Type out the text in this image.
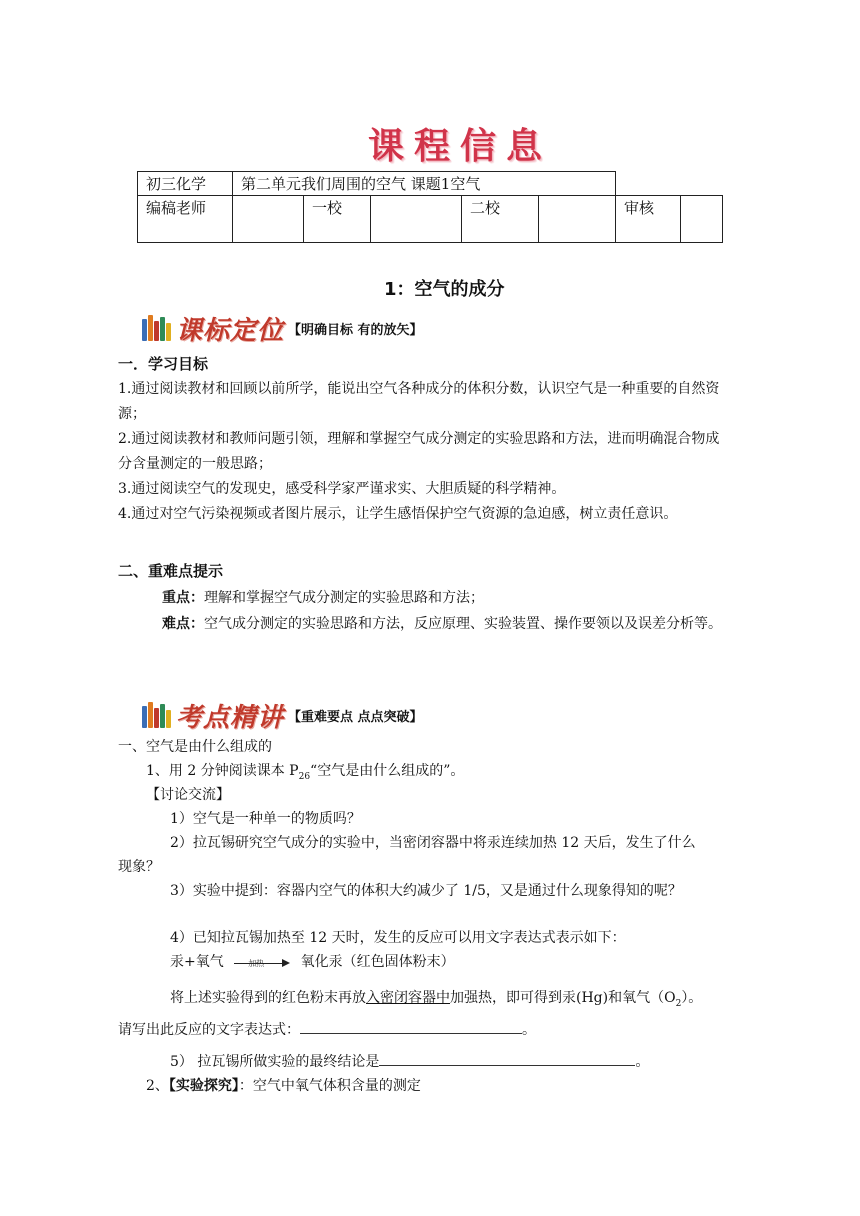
课程信息
初三化学	第二单元我们周围的空气 课题1空气						
编稿老师		一校		二校		审核	
1：空气的成分
课标定位 【明确目标 有的放矢】
一．学习目标
1.通过阅读教材和回顾以前所学，能说出空气各种成分的体积分数，认识空气是一种重要的自然资源；
2.通过阅读教材和教师问题引领，理解和掌握空气成分测定的实验思路和方法，进而明确混合物成分含量测定的一般思路；
3.通过阅读空气的发现史，感受科学家严谨求实、大胆质疑的科学精神。
4.通过对空气污染视频或者图片展示，让学生感悟保护空气资源的急迫感，树立责任意识。
二、重难点提示
重点：理解和掌握空气成分测定的实验思路和方法；
难点：空气成分测定的实验思路和方法，反应原理、实验装置、操作要领以及误差分析等。
考点精讲 【重难要点 点点突破】
一、空气是由什么组成的
1、用 2 分钟阅读课本 $P_{26}“$空气是由什么组成的”。
【讨论交流】
1）空气是一种单一的物质吗？
2）拉瓦锡研究空气成分的实验中，当密闭容器中将汞连续加热 12 天后，发生了什么
现象？
3）实验中提到：容器内空气的体积大约减少了 1/5，又是通过什么现象得知的呢？
4）已知拉瓦锡加热至 12 天时，发生的反应可以用文字表达式表示如下：
汞+氧气	加热	氧化汞（红色固体粉末）
将上述实验得到的红色粉末再放入密闭容器中加强热，即可得到汞(Hg)和氧气$(O_2)$。
请写出此反应的文字表达式：	。
5） 拉瓦锡所做实验的最终结论是	。
2、【实验探究】：空气中氧气体积含量的测定
